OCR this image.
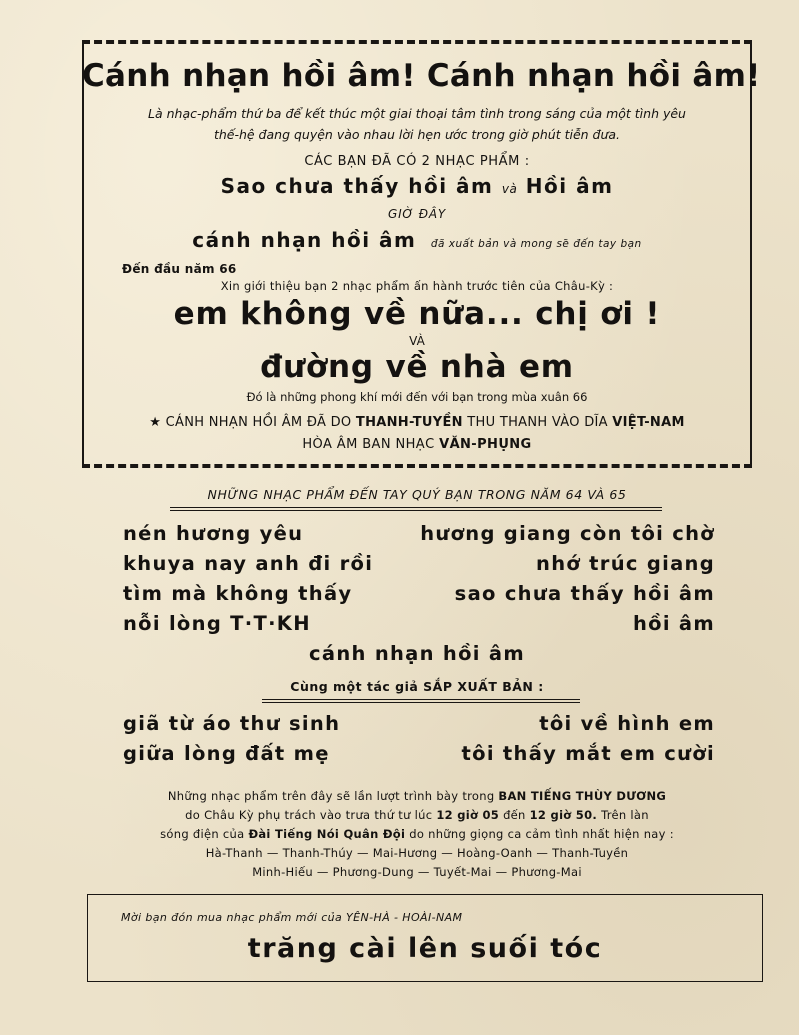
Cánh nhạn hồi âm! Cánh nhạn hồi âm!
Là nhạc-phẩm thứ ba để kết thúc một giai thoại tâm tình trong sáng của một tình yêu
thế-hệ đang quyện vào nhau lời hẹn ước trong giờ phút tiễn đưa.
CÁC BẠN ĐÃ CÓ 2 NHẠC PHẨM :
Sao chưa thấy hồi âm và Hồi âm
GIỜ ĐÂY
cánh nhạn hồi âm đã xuất bản và mong sẽ đến tay bạn
Đến đầu năm 66
Xin giới thiệu bạn 2 nhạc phẩm ấn hành trước tiên của Châu-Kỳ :
em không về nữa... chị ơi !
VÀ
đường về nhà em
Đó là những phong khí mới đến với bạn trong mùa xuân 66
★ CÁNH NHẠN HỒI ÂM ĐÃ DO THANH-TUYỀN THU THANH VÀO DĨA VIỆT-NAM
HÒA ÂM BAN NHẠC VĂN-PHỤNG
NHỮNG NHẠC PHẨM ĐẾN TAY QUÝ BẠN TRONG NĂM 64 VÀ 65
nén hương yêu
khuya nay anh đi rồi
tìm mà không thấy
nỗi lòng T·T·KH
hương giang còn tôi chờ
nhớ trúc giang
sao chưa thấy hồi âm
hồi âm
cánh nhạn hồi âm
Cùng một tác giả SẮP XUẤT BẢN :
giã từ áo thư sinh
giữa lòng đất mẹ
tôi về hình em
tôi thấy mắt em cười
Những nhạc phẩm trên đây sẽ lần lượt trình bày trong BAN TIẾNG THÙY DƯƠNG
do Châu Kỳ phụ trách vào trưa thứ tư lúc 12 giờ 05 đến 12 giờ 50. Trên làn
sóng điện của Đài Tiếng Nói Quân Đội do những giọng ca cảm tình nhất hiện nay :
Hà-Thanh — Thanh-Thúy — Mai-Hương — Hoàng-Oanh — Thanh-Tuyền
Minh-Hiếu — Phương-Dung — Tuyết-Mai — Phương-Mai
Mời bạn đón mua nhạc phẩm mới của YÊN-HÀ - HOÀI-NAM
trăng cài lên suối tóc
